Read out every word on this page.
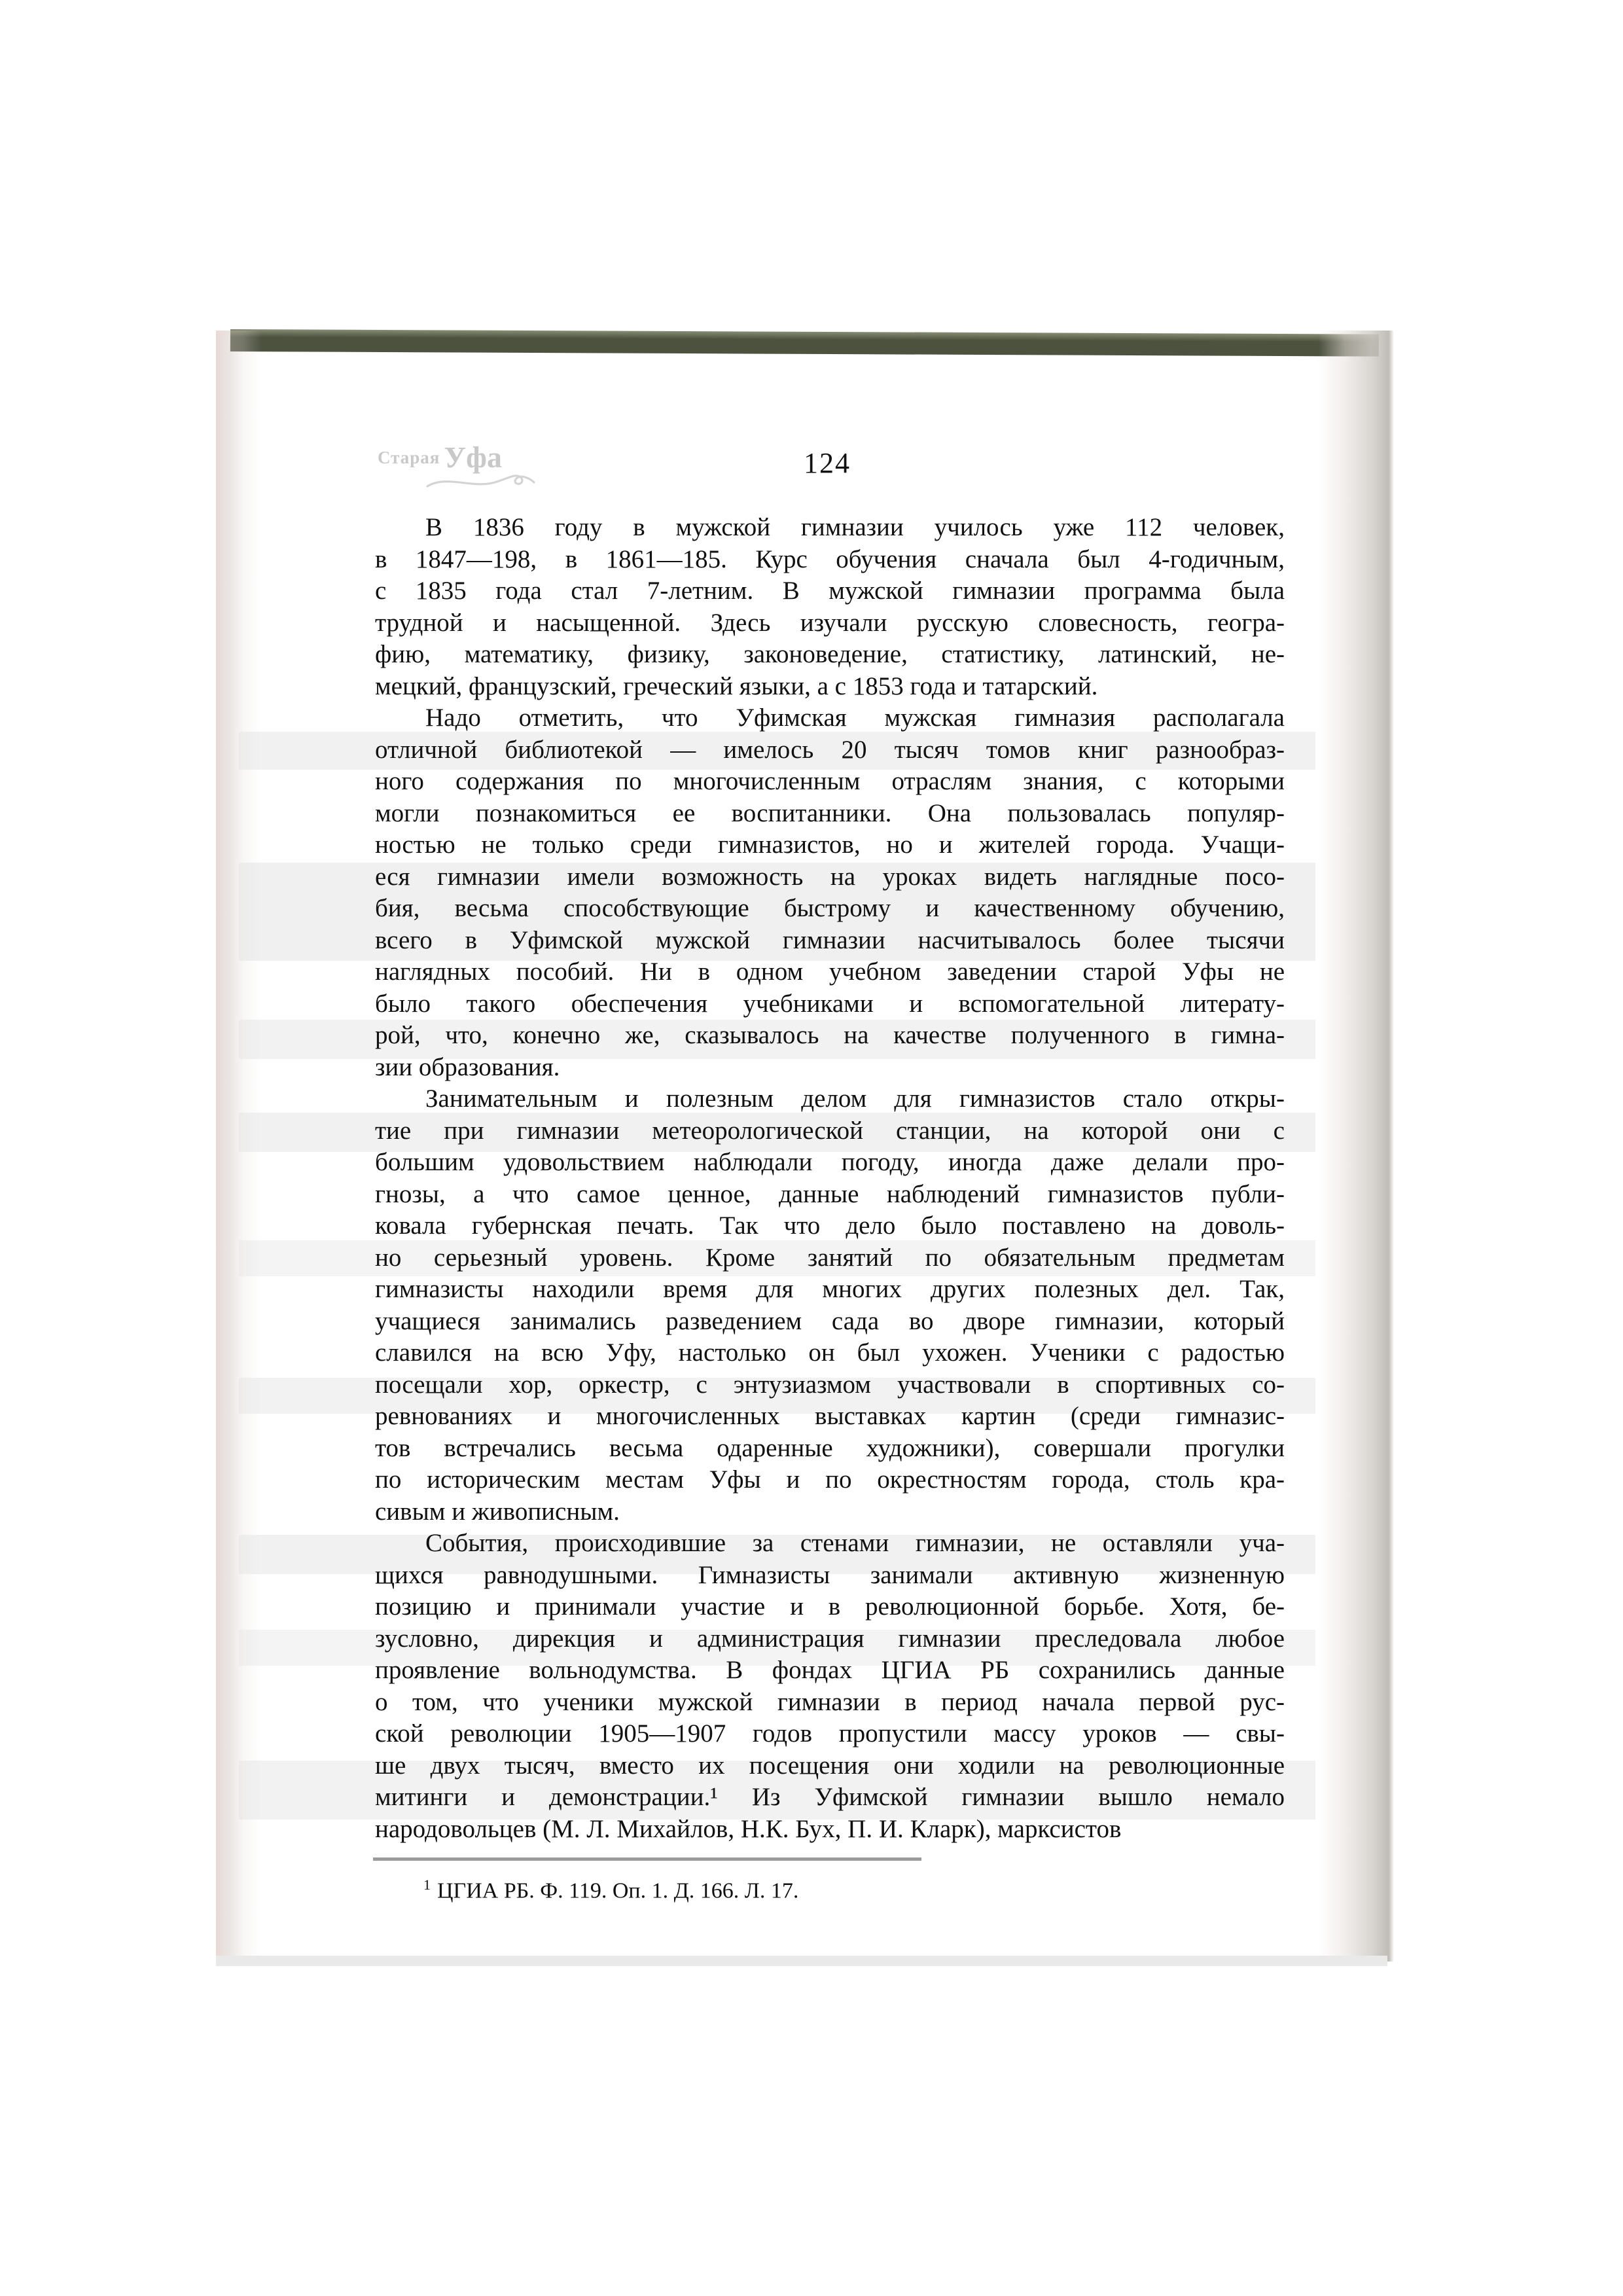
Старая Уфа	124
В 1836 году в мужской гимназии училось уже 112 человек,
в 1847—198, в 1861—185. Курс обучения сначала был 4-годичным,
с 1835 года стал 7-летним. В мужской гимназии программа была
трудной и насыщенной. Здесь изучали русскую словесность, геогра-
фию, математику, физику, законоведение, статистику, латинский, не-
мецкий, французский, греческий языки, а с 1853 года и татарский.
Надо отметить, что Уфимская мужская гимназия располагала
отличной библиотекой — имелось 20 тысяч томов книг разнообраз-
ного содержания по многочисленным отраслям знания, с которыми
могли познакомиться ее воспитанники. Она пользовалась популяр-
ностью не только среди гимназистов, но и жителей города. Учащи-
еся гимназии имели возможность на уроках видеть наглядные посо-
бия, весьма способствующие быстрому и качественному обучению,
всего в Уфимской мужской гимназии насчитывалось более тысячи
наглядных пособий. Ни в одном учебном заведении старой Уфы не
было такого обеспечения учебниками и вспомогательной литерату-
рой, что, конечно же, сказывалось на качестве полученного в гимна-
зии образования.
Занимательным и полезным делом для гимназистов стало откры-
тие при гимназии метеорологической станции, на которой они с
большим удовольствием наблюдали погоду, иногда даже делали про-
гнозы, а что самое ценное, данные наблюдений гимназистов публи-
ковала губернская печать. Так что дело было поставлено на доволь-
но серьезный уровень. Кроме занятий по обязательным предметам
гимназисты находили время для многих других полезных дел. Так,
учащиеся занимались разведением сада во дворе гимназии, который
славился на всю Уфу, настолько он был ухожен. Ученики с радостью
посещали хор, оркестр, с энтузиазмом участвовали в спортивных со-
ревнованиях и многочисленных выставках картин (среди гимназис-
тов встречались весьма одаренные художники), совершали прогулки
по историческим местам Уфы и по окрестностям города, столь кра-
сивым и живописным.
События, происходившие за стенами гимназии, не оставляли уча-
щихся равнодушными. Гимназисты занимали активную жизненную
позицию и принимали участие и в революционной борьбе. Хотя, бе-
зусловно, дирекция и администрация гимназии преследовала любое
проявление вольнодумства. В фондах ЦГИА РБ сохранились данные
о том, что ученики мужской гимназии в период начала первой рус-
ской революции 1905—1907 годов пропустили массу уроков — свы-
ше двух тысяч, вместо их посещения они ходили на революционные
митинги и демонстрации.¹ Из Уфимской гимназии вышло немало
народовольцев (М. Л. Михайлов, Н.К. Бух, П. И. Кларк), марксистов
$^1$ ЦГИА РБ. Ф. 119. Оп. 1. Д. 166. Л. 17.
